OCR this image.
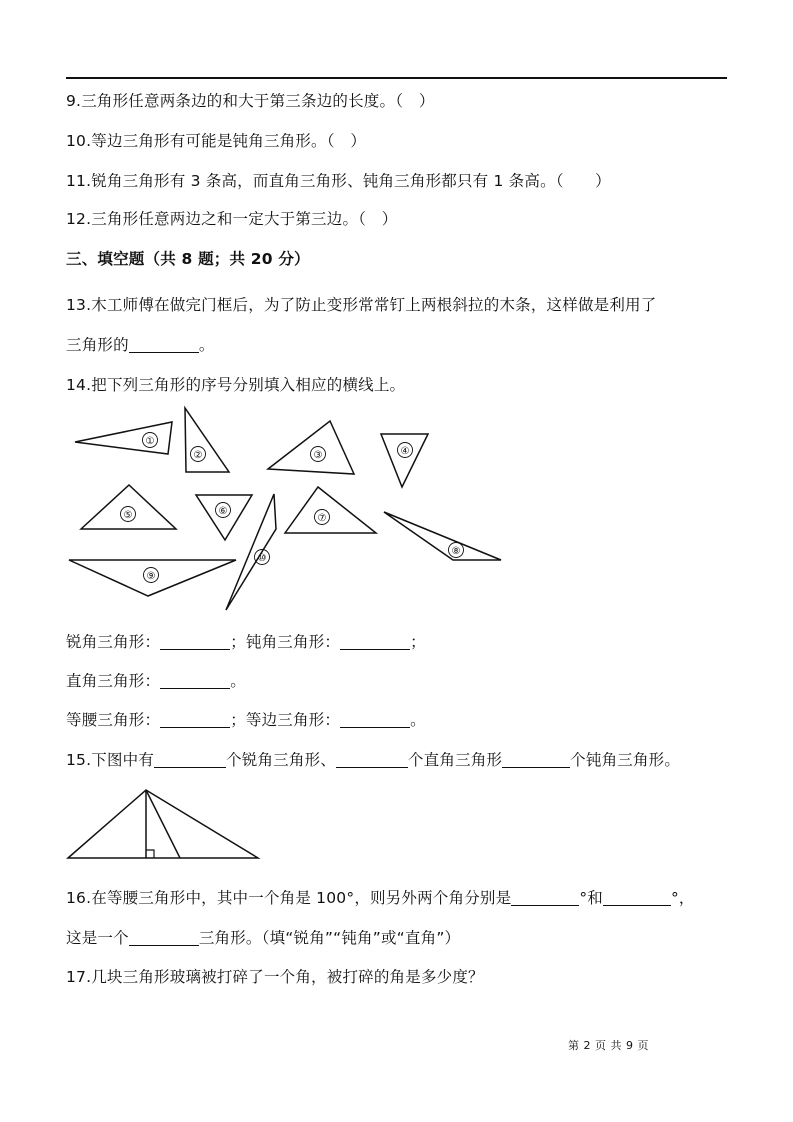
9.三角形任意两条边的和大于第三条边的长度。（　）
10.等边三角形有可能是钝角三角形。（　）
11.锐角三角形有 3 条高，而直角三角形、钝角三角形都只有 1 条高。（　　）
12.三角形任意两边之和一定大于第三边。（　）
三、填空题（共 8 题；共 20 分）
13.木工师傅在做完门框后，为了防止变形常常钉上两根斜拉的木条，这样做是利用了
三角形的	。
14.把下列三角形的序号分别填入相应的横线上。
①
②	③	④
⑤	⑥
⑦
⑧
⑨
⑩
锐角三角形：	；钝角三角形：	；
直角三角形：	。
等腰三角形：	；等边三角形：	。
15.下图中有	个锐角三角形、	个直角三角形	个钝角三角形。
16.在等腰三角形中，其中一个角是 100°，则另外两个角分别是	°和	°，
这是一个	三角形。（填“锐角”“钝角”或“直角”）
17.几块三角形玻璃被打碎了一个角，被打碎的角是多少度？
第 2 页 共 9 页
